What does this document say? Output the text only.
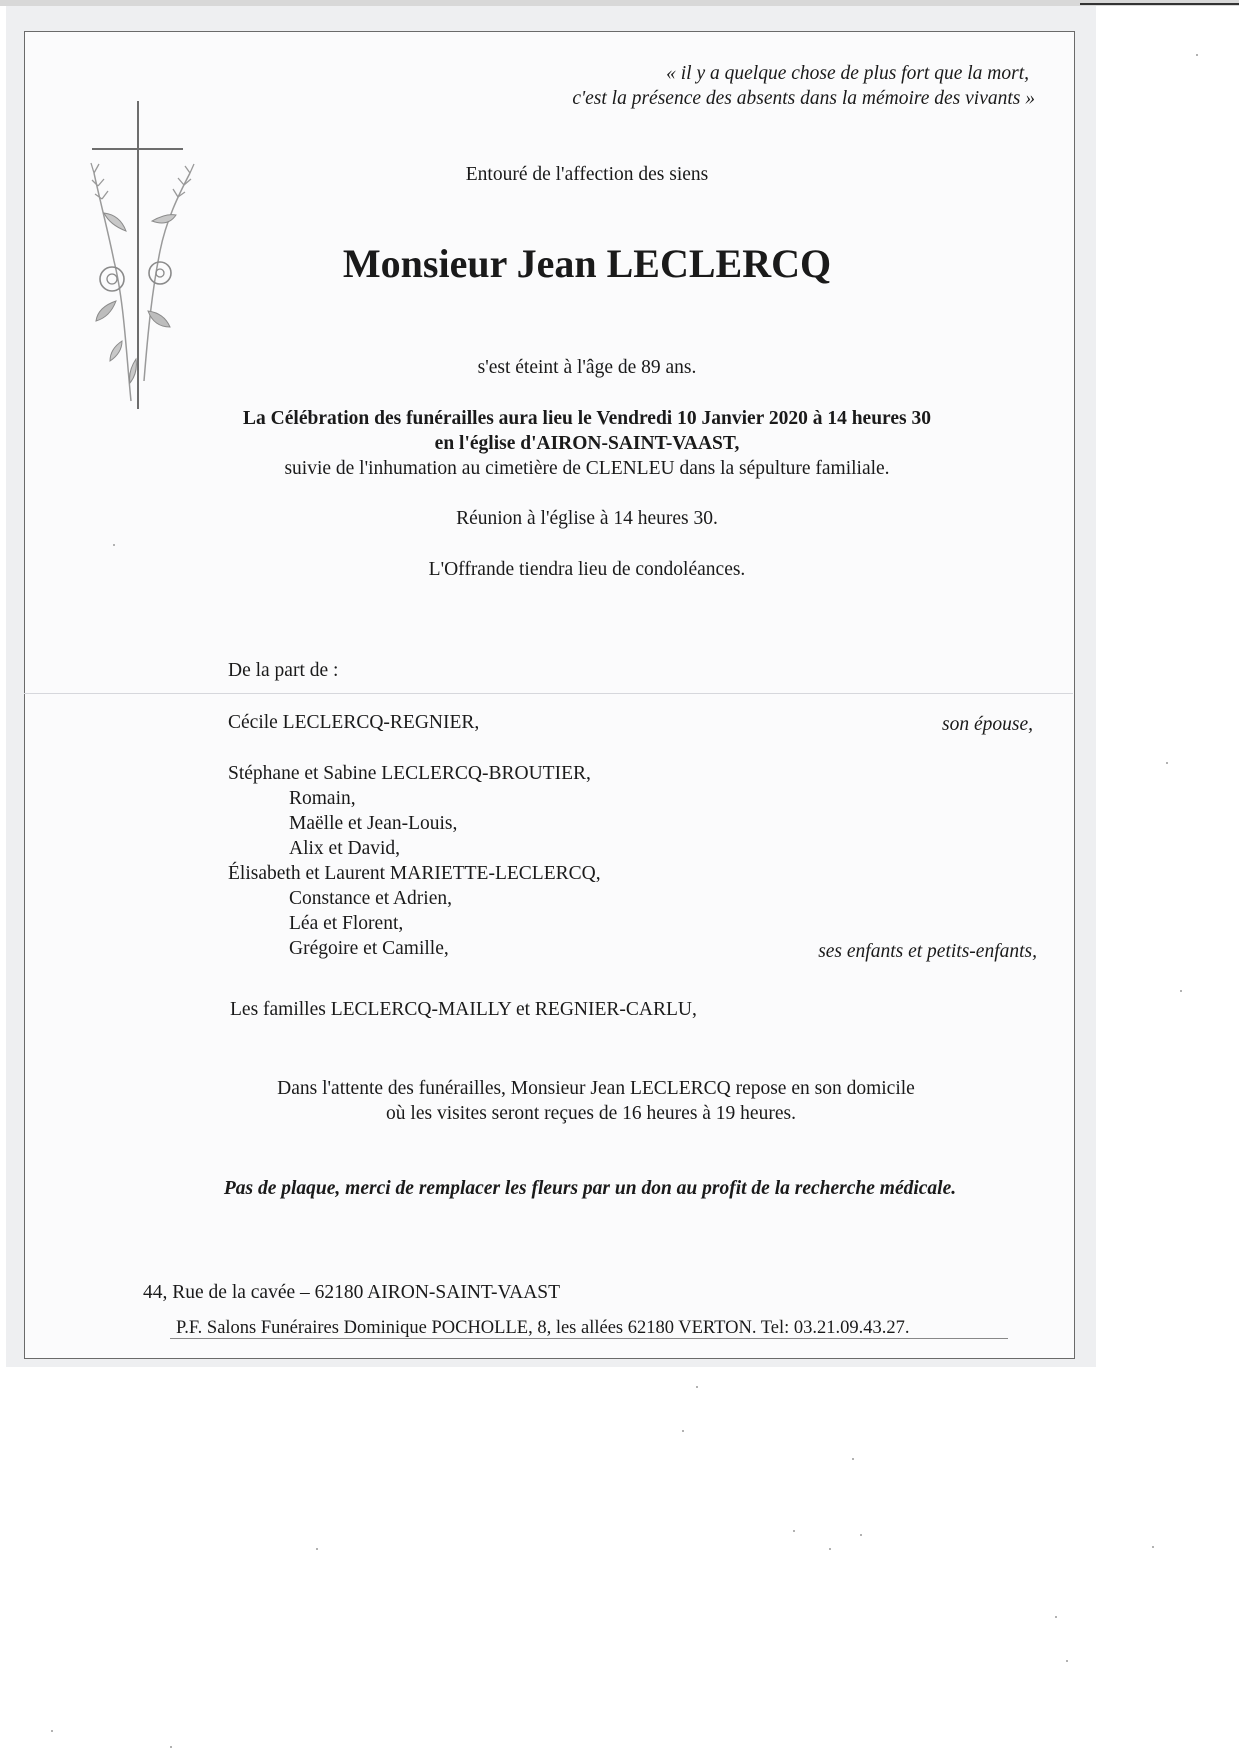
« il y a quelque chose de plus fort que la mort,
c'est la présence des absents dans la mémoire des vivants »
Entouré de l'affection des siens
Monsieur Jean LECLERCQ
s'est éteint à l'âge de 89 ans.
La Célébration des funérailles aura lieu le Vendredi 10 Janvier 2020 à 14 heures 30
en l'église d'AIRON-SAINT-VAAST,
suivie de l'inhumation au cimetière de CLENLEU dans la sépulture familiale.
Réunion à l'église à 14 heures 30.
L'Offrande tiendra lieu de condoléances.
De la part de :
Cécile LECLERCQ-REGNIER,	son épouse,
Stéphane et Sabine LECLERCQ-BROUTIER,
Romain,
Maëlle et Jean-Louis,
Alix et David,
Élisabeth et Laurent MARIETTE-LECLERCQ,
Constance et Adrien,
Léa et Florent,
Grégoire et Camille,	ses enfants et petits-enfants,
Les familles LECLERCQ-MAILLY et REGNIER-CARLU,
Dans l'attente des funérailles, Monsieur Jean LECLERCQ repose en son domicile
où les visites seront reçues de 16 heures à 19 heures.
Pas de plaque, merci de remplacer les fleurs par un don au profit de la recherche médicale.
44, Rue de la cavée – 62180 AIRON-SAINT-VAAST
P.F. Salons Funéraires Dominique POCHOLLE, 8, les allées 62180 VERTON. Tel: 03.21.09.43.27.
